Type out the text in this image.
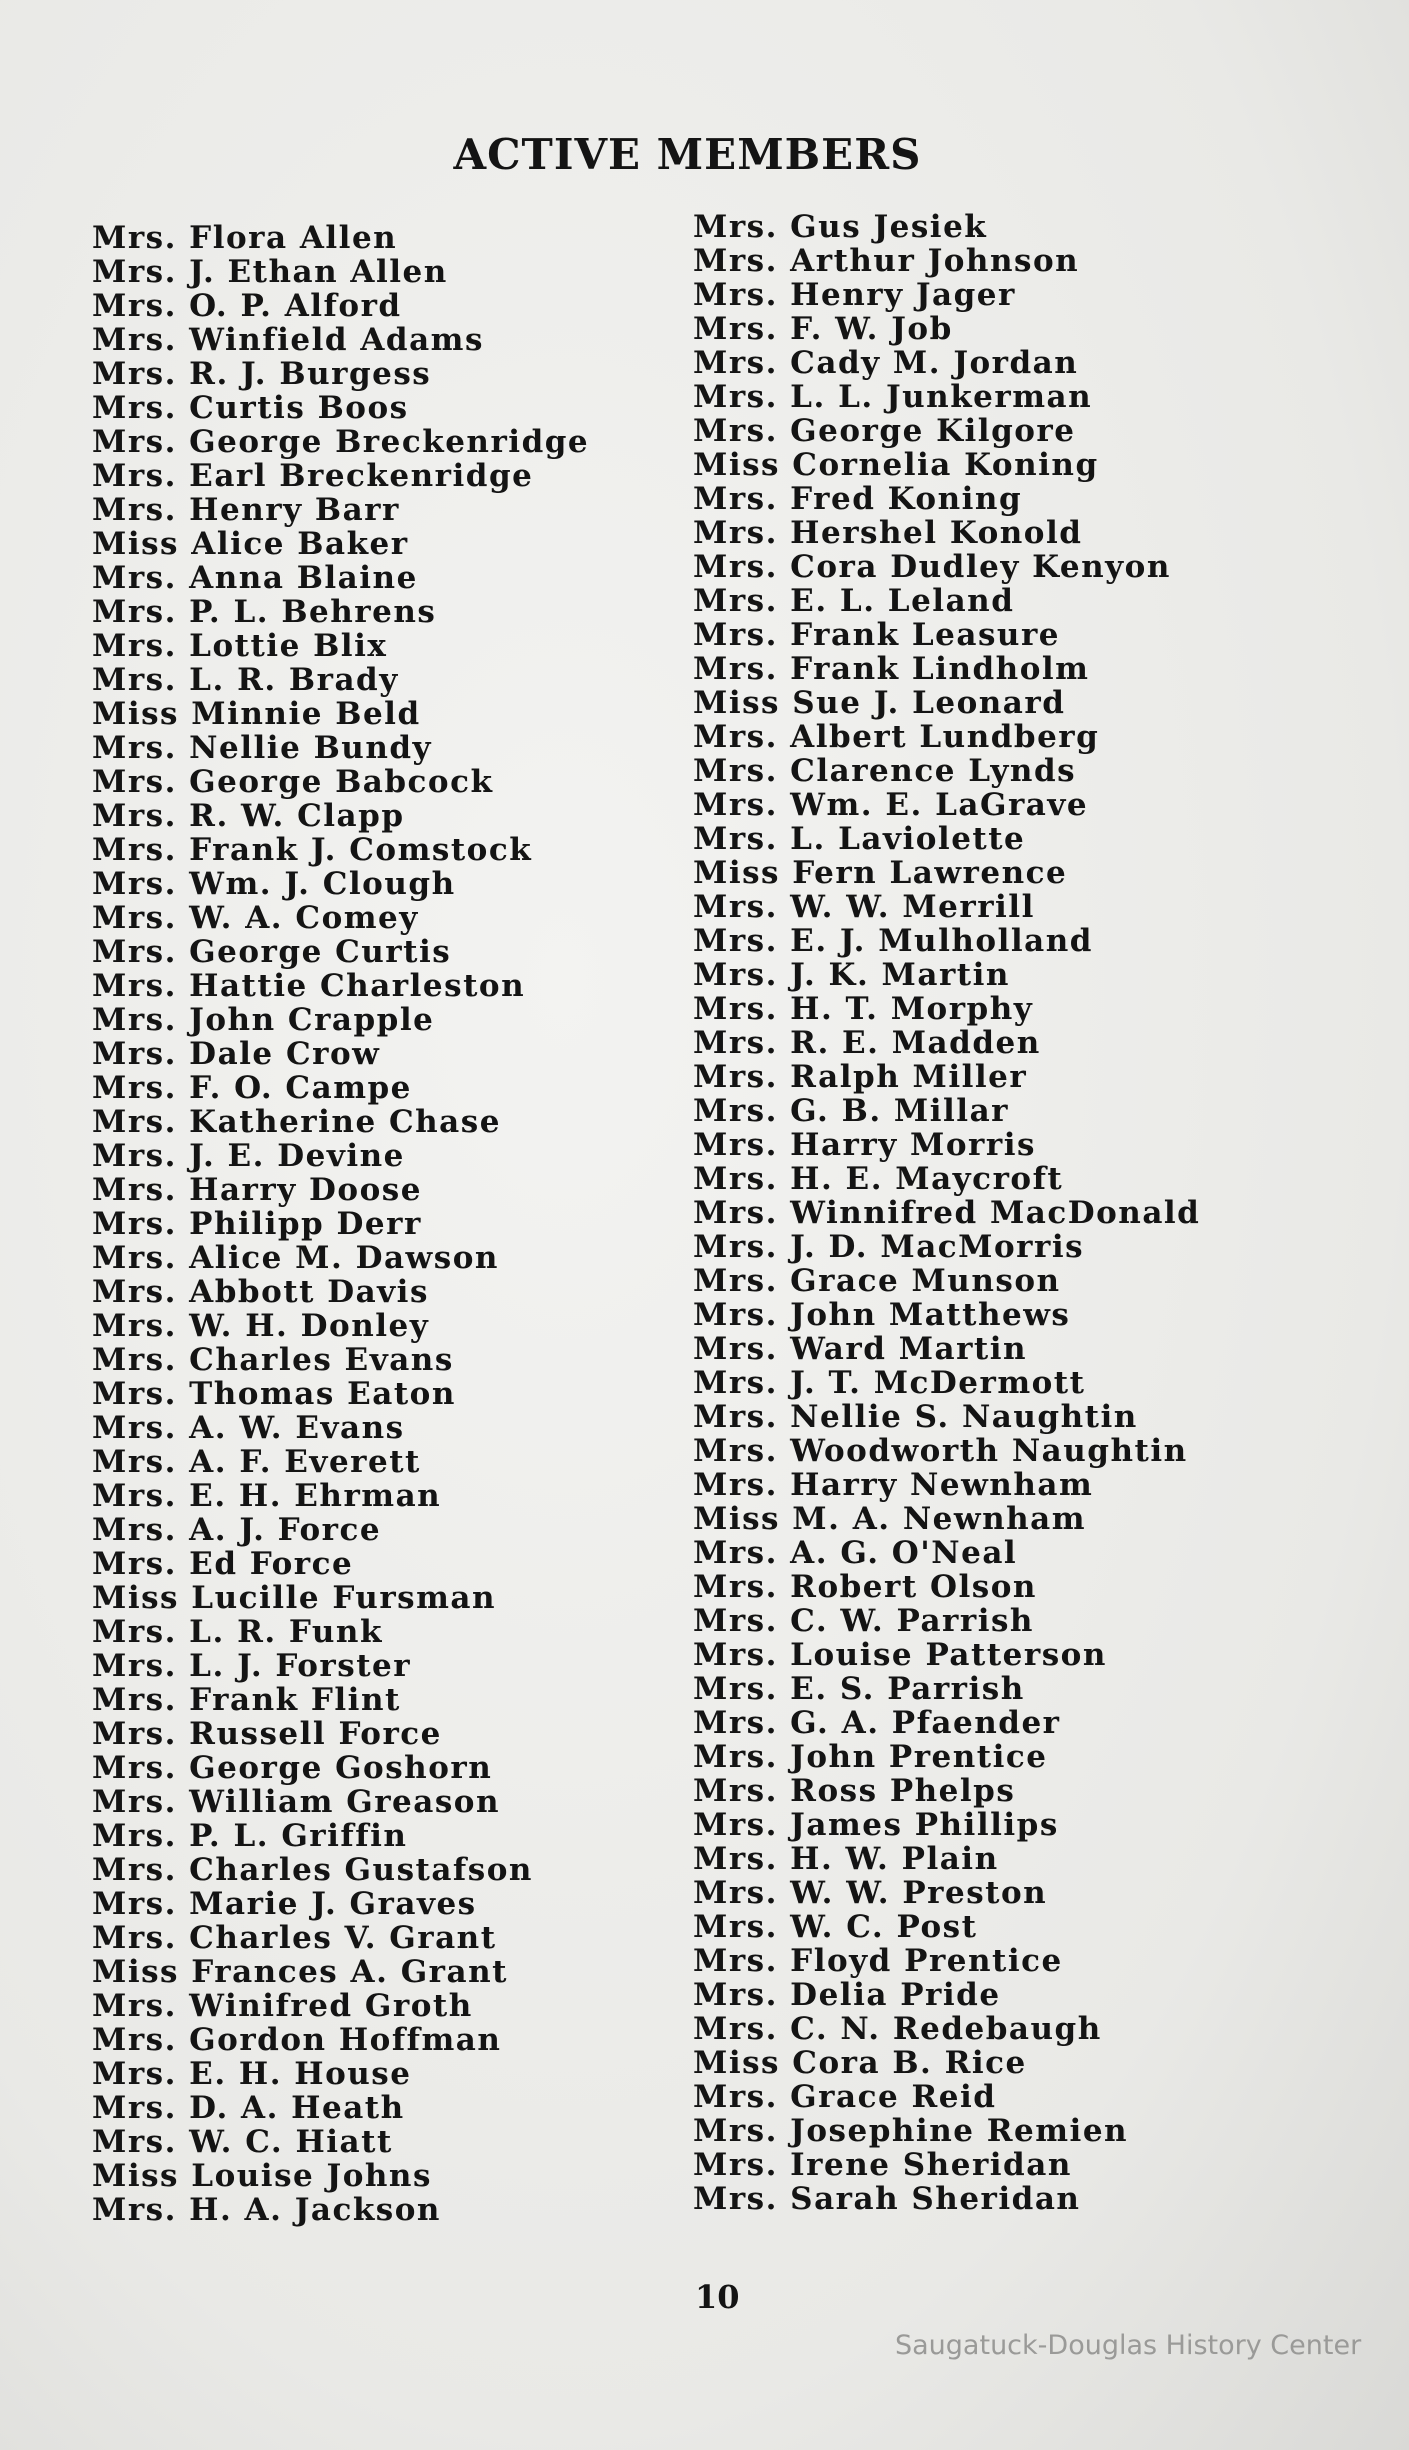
ACTIVE MEMBERS
Mrs. Flora Allen
Mrs. J. Ethan Allen
Mrs. O. P. Alford
Mrs. Winfield Adams
Mrs. R. J. Burgess
Mrs. Curtis Boos
Mrs. George Breckenridge
Mrs. Earl Breckenridge
Mrs. Henry Barr
Miss Alice Baker
Mrs. Anna Blaine
Mrs. P. L. Behrens
Mrs. Lottie Blix
Mrs. L. R. Brady
Miss Minnie Beld
Mrs. Nellie Bundy
Mrs. George Babcock
Mrs. R. W. Clapp
Mrs. Frank J. Comstock
Mrs. Wm. J. Clough
Mrs. W. A. Comey
Mrs. George Curtis
Mrs. Hattie Charleston
Mrs. John Crapple
Mrs. Dale Crow
Mrs. F. O. Campe
Mrs. Katherine Chase
Mrs. J. E. Devine
Mrs. Harry Doose
Mrs. Philipp Derr
Mrs. Alice M. Dawson
Mrs. Abbott Davis
Mrs. W. H. Donley
Mrs. Charles Evans
Mrs. Thomas Eaton
Mrs. A. W. Evans
Mrs. A. F. Everett
Mrs. E. H. Ehrman
Mrs. A. J. Force
Mrs. Ed Force
Miss Lucille Fursman
Mrs. L. R. Funk
Mrs. L. J. Forster
Mrs. Frank Flint
Mrs. Russell Force
Mrs. George Goshorn
Mrs. William Greason
Mrs. P. L. Griffin
Mrs. Charles Gustafson
Mrs. Marie J. Graves
Mrs. Charles V. Grant
Miss Frances A. Grant
Mrs. Winifred Groth
Mrs. Gordon Hoffman
Mrs. E. H. House
Mrs. D. A. Heath
Mrs. W. C. Hiatt
Miss Louise Johns
Mrs. H. A. Jackson
Mrs. Gus Jesiek
Mrs. Arthur Johnson
Mrs. Henry Jager
Mrs. F. W. Job
Mrs. Cady M. Jordan
Mrs. L. L. Junkerman
Mrs. George Kilgore
Miss Cornelia Koning
Mrs. Fred Koning
Mrs. Hershel Konold
Mrs. Cora Dudley Kenyon
Mrs. E. L. Leland
Mrs. Frank Leasure
Mrs. Frank Lindholm
Miss Sue J. Leonard
Mrs. Albert Lundberg
Mrs. Clarence Lynds
Mrs. Wm. E. LaGrave
Mrs. L. Laviolette
Miss Fern Lawrence
Mrs. W. W. Merrill
Mrs. E. J. Mulholland
Mrs. J. K. Martin
Mrs. H. T. Morphy
Mrs. R. E. Madden
Mrs. Ralph Miller
Mrs. G. B. Millar
Mrs. Harry Morris
Mrs. H. E. Maycroft
Mrs. Winnifred MacDonald
Mrs. J. D. MacMorris
Mrs. Grace Munson
Mrs. John Matthews
Mrs. Ward Martin
Mrs. J. T. McDermott
Mrs. Nellie S. Naughtin
Mrs. Woodworth Naughtin
Mrs. Harry Newnham
Miss M. A. Newnham
Mrs. A. G. O'Neal
Mrs. Robert Olson
Mrs. C. W. Parrish
Mrs. Louise Patterson
Mrs. E. S. Parrish
Mrs. G. A. Pfaender
Mrs. John Prentice
Mrs. Ross Phelps
Mrs. James Phillips
Mrs. H. W. Plain
Mrs. W. W. Preston
Mrs. W. C. Post
Mrs. Floyd Prentice
Mrs. Delia Pride
Mrs. C. N. Redebaugh
Miss Cora B. Rice
Mrs. Grace Reid
Mrs. Josephine Remien
Mrs. Irene Sheridan
Mrs. Sarah Sheridan
10
Saugatuck-Douglas History Center
